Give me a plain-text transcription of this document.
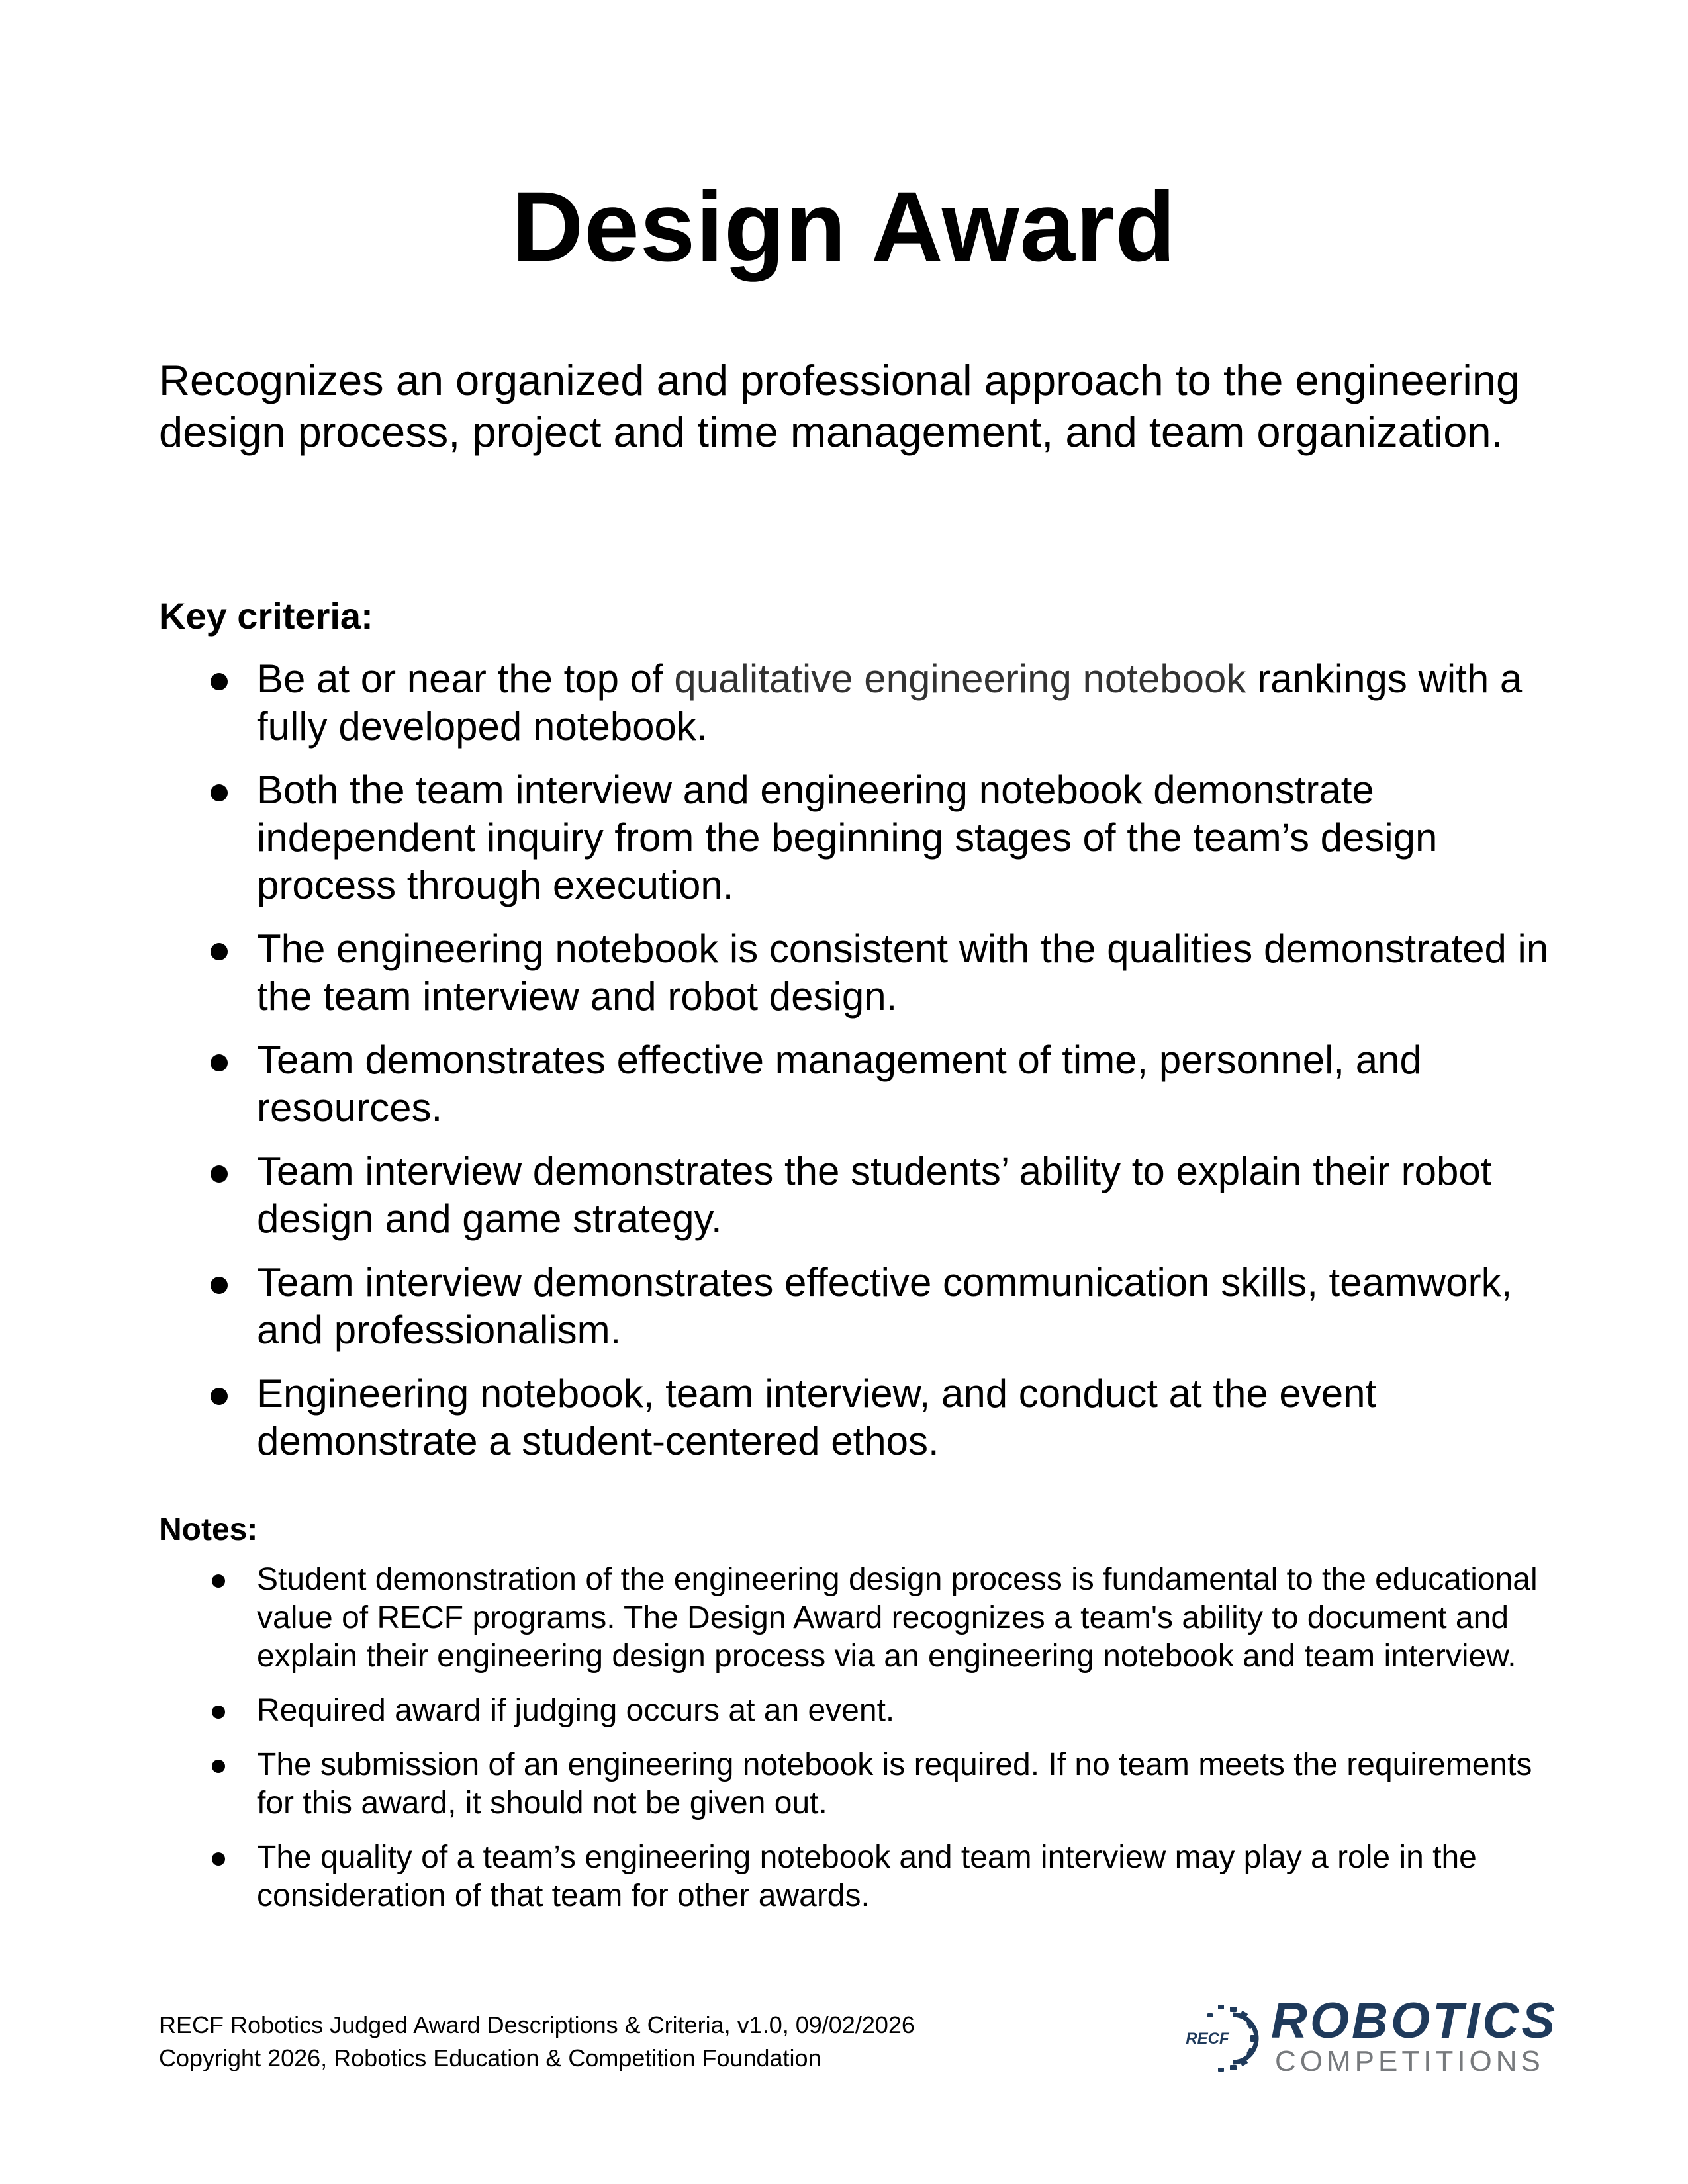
Design Award

Recognizes an organized and professional approach to the engineering design process, project and time management, and team organization.

Key criteria:
Be at or near the top of qualitative engineering notebook rankings with a fully developed notebook.
Both the team interview and engineering notebook demonstrate independent inquiry from the beginning stages of the team’s design process through execution.
The engineering notebook is consistent with the qualities demonstrated in the team interview and robot design.
Team demonstrates effective management of time, personnel, and resources.
Team interview demonstrates the students’ ability to explain their robot design and game strategy.
Team interview demonstrates effective communication skills, teamwork, and professionalism.
Engineering notebook, team interview, and conduct at the event demonstrate a student-centered ethos.
Notes:
Student demonstration of the engineering design process is fundamental to the educational value of RECF programs. The Design Award recognizes a team's ability to document and explain their engineering design process via an engineering notebook and team interview.
Required award if judging occurs at an event.
The submission of an engineering notebook is required. If no team meets the requirements for this award, it should not be given out.
The quality of a team’s engineering notebook and team interview may play a role in the consideration of that team for other awards.
RECF Robotics Judged Award Descriptions & Criteria, v1.0, 09/02/2026
Copyright 2026, Robotics Education & Competition Foundation
RECF ROBOTICS
COMPETITIONS
